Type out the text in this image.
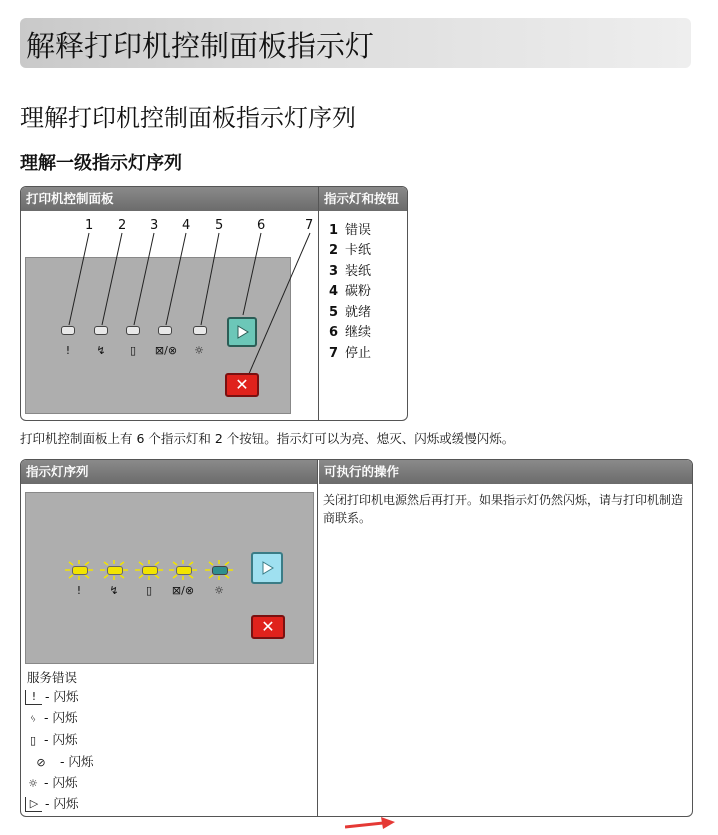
解释打印机控制面板指示灯
理解打印机控制面板指示灯序列
理解一级指示灯序列
打印机控制面板	指示灯和按钮
1 2 3 4 5	6	7
!	↯	▯	⊠/⊗	☼
✕
1 错误
2 卡纸
3 装纸
4 碳粉
5 就绪
6 继续
7 停止
打印机控制面板上有 6 个指示灯和 2 个按钮。指示灯可以为亮、熄灭、闪烁或缓慢闪烁。
指示灯序列	可执行的操作
!	↯	▯	⊠/⊗	☼
✕
服务错误
! - 闪烁
ᛃ - 闪烁
▯ - 闪烁
⊘ - 闪烁
☼ - 闪烁
▷ - 闪烁
关闭打印机电源然后再打开。如果指示灯仍然闪烁，请与打印机制造商联系。
